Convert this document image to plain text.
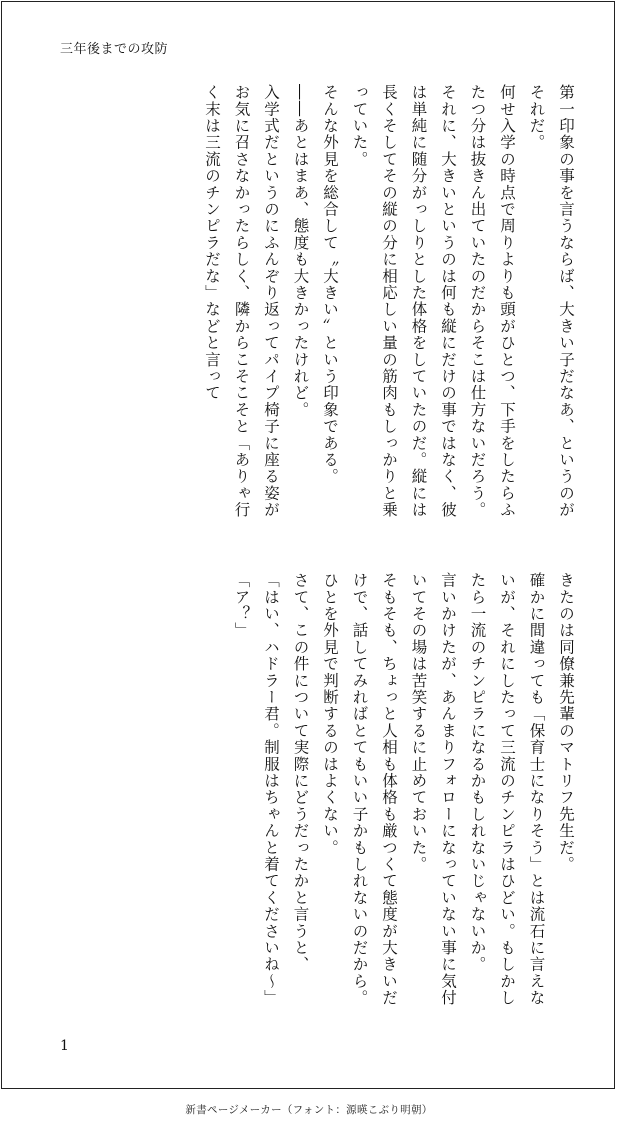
三年後までの攻防

第一印象の事を言うならば、大きい子だなあ、というのがそれだ。

何せ入学の時点で周りよりも頭がひとつ、下手をしたらふたつ分は抜きん出ていたのだからそこは仕方ないだろう。

それに、大きいというのは何も縦にだけの事ではなく、彼は単純に随分がっしりとした体格をしていたのだ。縦には長くそしてその縦の分に相応しい量の筋肉もしっかりと乗っていた。

そんな外見を総合して〝大きい〟という印象である。

――あとはまあ、態度も大きかったけれど。

入学式だというのにふんぞり返ってパイプ椅子に座る姿がお気に召さなかったらしく、隣からこそこそと「ありゃ行く末は三流のチンピラだな」などと言って

きたのは同僚兼先輩のマトリフ先生だ。

確かに間違っても「保育士になりそう」とは流石に言えないが、それにしたって三流のチンピラはひどい。もしかしたら一流のチンピラになるかもしれないじゃないか。

言いかけたが、あんまりフォローになっていない事に気付いてその場は苦笑するに止めておいた。

そもそも、ちょっと人相も体格も厳つくて態度が大きいだけで、話してみればとてもいい子かもしれないのだから。ひとを外見で判断するのはよくない。

さて、この件について実際にどうだったかと言うと、

「はい、ハドラー君。制服はちゃんと着てくださいね～」

「ア？」

1
新書ページメーカー（フォント：源暎こぶり明朝）
